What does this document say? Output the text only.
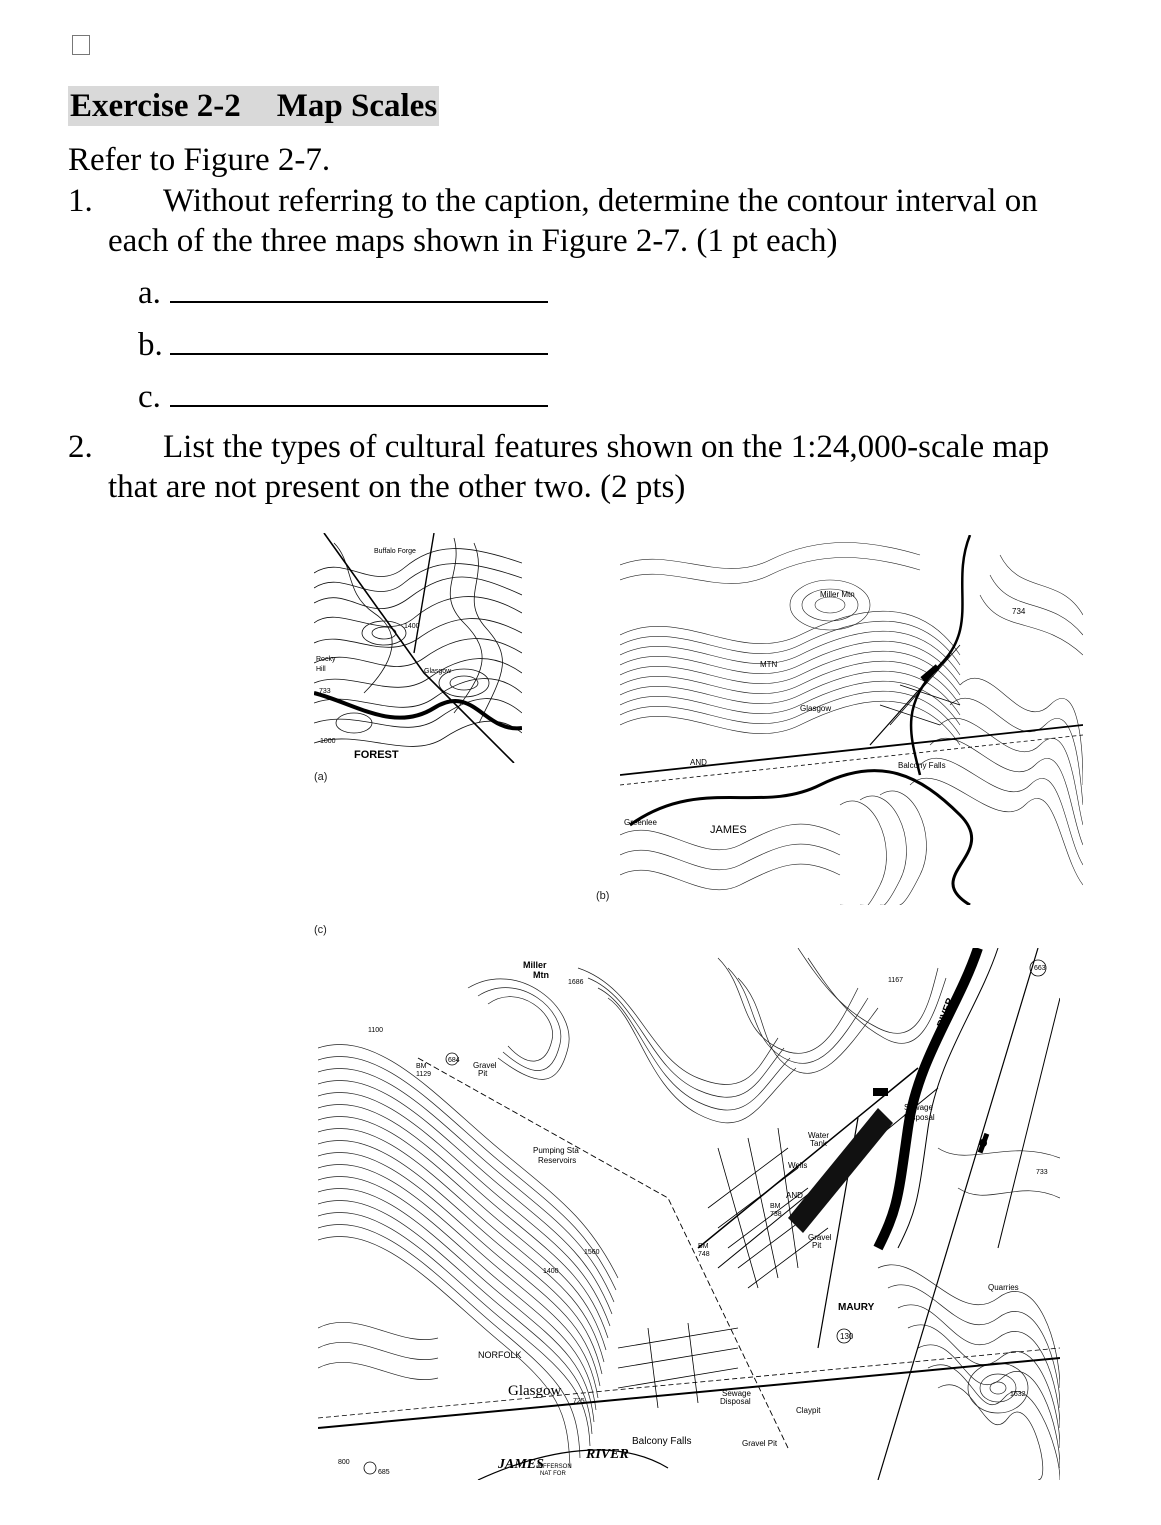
Exercise 2-2 Map Scales
Refer to Figure 2-7.
1. Without referring to the caption, determine the contour interval on
each of the three maps shown in Figure 2-7. (1 pt each)
a.
b.
c.
2. List the types of cultural features shown on the 1:24,000-scale map
that are not present on the other two. (2 pts)
Buffalo Forge
Rocky
Hill	Glasgow
733
1000
1400
FOREST
(a)
Miller Mtn
Glasgow
Balcony Falls
Greenlee
JAMES
AND
MTN
734
(b)
(c)
Miller
Mtn
1686
1100
BM
1129
684
Gravel
Pit
Pumping Sta
Reservoirs
Water
Tank
Wells
BM
738
AND
BM
748
Gravel
Pit
1560
1400
MAURY
130
Quarries
NORFOLK
Glasgow
725
Sewage
Disposal
Claypit
Balcony Falls	Gravel Pit
JAMES
RIVER
JEFFERSON
NAT FOR
663
RIVER
Sewage
Disposal
733
685
800
1632
1167
